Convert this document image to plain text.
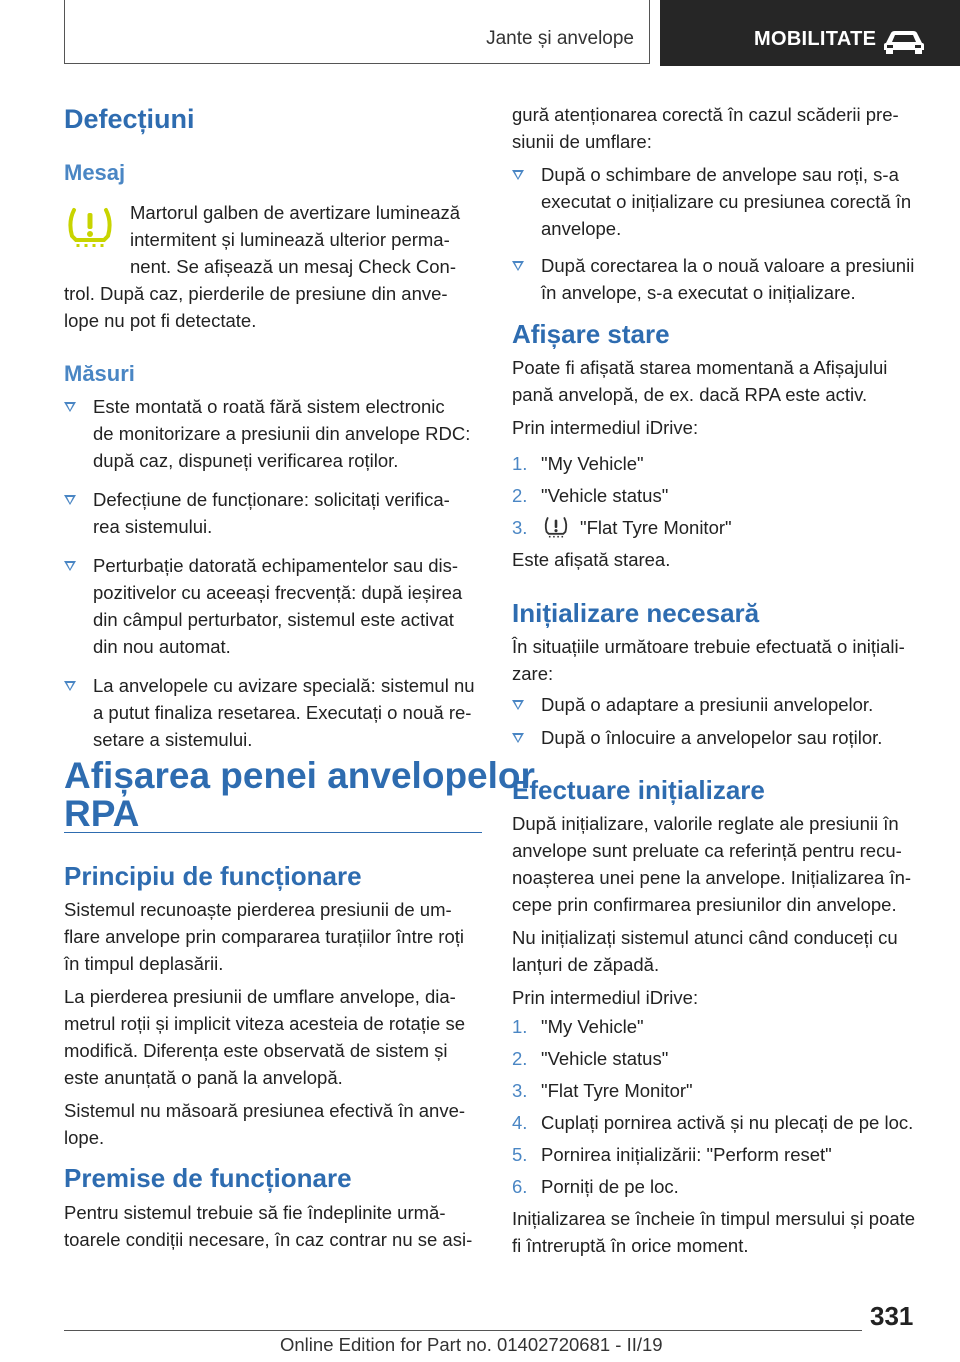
Jante și anvelope	MOBILITATE
Defecțiuni
Mesaj
Martorul galben de avertizare luminează
intermitent și luminează ulterior perma-
nent. Se afișează un mesaj Check Con-
trol. După caz, pierderile de presiune din anve-
lope nu pot fi detectate.
Măsuri
Este montată o roată fără sistem electronic
de monitorizare a presiunii din anvelope RDC:
după caz, dispuneți verificarea roților.
Defecțiune de funcționare: solicitați verifica-
rea sistemului.
Perturbație datorată echipamentelor sau dis-
pozitivelor cu aceeași frecvență: după ieșirea
din câmpul perturbator, sistemul este activat
din nou automat.
La anvelopele cu avizare specială: sistemul nu
a putut finaliza resetarea. Executați o nouă re-
setare a sistemului.
Afișarea penei anvelopelor
RPA
Principiu de funcționare
Sistemul recunoaște pierderea presiunii de um-
flare anvelope prin compararea turațiilor între roți
în timpul deplasării.
La pierderea presiunii de umflare anvelope, dia-
metrul roții și implicit viteza acesteia de rotație se
modifică. Diferența este observată de sistem și
este anunțată o pană la anvelopă.
Sistemul nu măsoară presiunea efectivă în anve-
lope.
Premise de funcționare
Pentru sistemul trebuie să fie îndeplinite urmă-
toarele condiții necesare, în caz contrar nu se asi-
gură atenționarea corectă în cazul scăderii pre-
siunii de umflare:
După o schimbare de anvelope sau roți, s-a
executat o inițializare cu presiunea corectă în
anvelope.
După corectarea la o nouă valoare a presiunii
în anvelope, s-a executat o inițializare.
Afișare stare
Poate fi afișată starea momentană a Afișajului
pană anvelopă, de ex. dacă RPA este activ.
Prin intermediul iDrive:
1. "My Vehicle"
2. "Vehicle status"
3.	"Flat Tyre Monitor"
Este afișată starea.
Inițializare necesară
În situațiile următoare trebuie efectuată o inițiali-
zare:
După o adaptare a presiunii anvelopelor.
După o înlocuire a anvelopelor sau roților.
Efectuare inițializare
După inițializare, valorile reglate ale presiunii în
anvelope sunt preluate ca referință pentru recu-
noașterea unei pene la anvelope. Inițializarea în-
cepe prin confirmarea presiunilor din anvelope.
Nu inițializați sistemul atunci când conduceți cu
lanțuri de zăpadă.
Prin intermediul iDrive:
1. "My Vehicle"
2. "Vehicle status"
3. "Flat Tyre Monitor"
4. Cuplați pornirea activă și nu plecați de pe loc.
5. Pornirea inițializării: "Perform reset"
6. Porniți de pe loc.
Inițializarea se încheie în timpul mersului și poate
fi întreruptă în orice moment.
331
Online Edition for Part no. 01402720681 - II/19
